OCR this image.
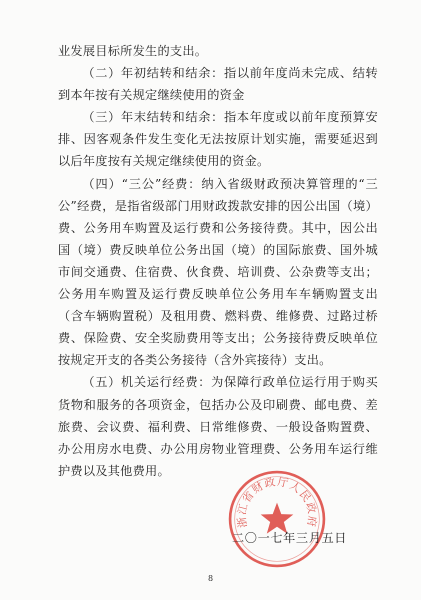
业发展目标所发生的支出。

（二）年初结转和结余：指以前年度尚未完成、结转到本年按有关规定继续使用的资金

（三）年末结转和结余：指本年度或以前年度预算安排、因客观条件发生变化无法按原计划实施，需要延迟到以后年度按有关规定继续使用的资金。

（四）“三公”经费：纳入省级财政预决算管理的“三公”经费，是指省级部门用财政拨款安排的因公出国（境）费、公务用车购置及运行费和公务接待费。其中，因公出国（境）费反映单位公务出国（境）的国际旅费、国外城市间交通费、住宿费、伙食费、培训费、公杂费等支出；公务用车购置及运行费反映单位公务用车车辆购置支出（含车辆购置税）及租用费、燃料费、维修费、过路过桥费、保险费、安全奖励费用等支出；公务接待费反映单位按规定开支的各类公务接待（含外宾接待）支出。

（五）机关运行经费：为保障行政单位运行用于购买货物和服务的各项资金，包括办公及印刷费、邮电费、差旅费、会议费、福利费、日常维修费、一般设备购置费、办公用房水电费、办公用房物业管理费、公务用车运行维护费以及其他费用。

浙江省财政厅人民政府
二〇一七年三月五日
8
